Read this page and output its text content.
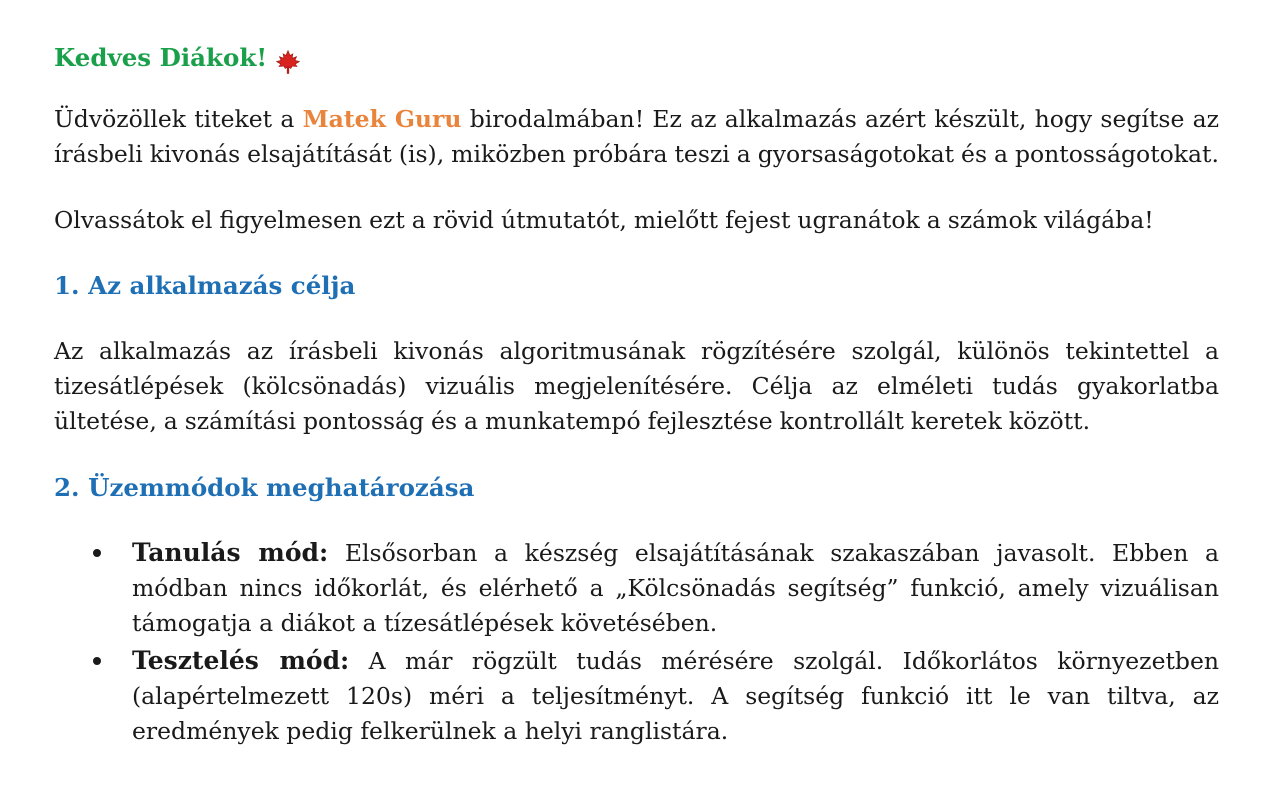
Kedves Diákok!

Üdvözöllek titeket a Matek Guru birodalmában! Ez az alkalmazás azért készült, hogy segítse az írásbeli kivonás elsajátítását (is), miközben próbára teszi a gyorsaságotokat és a pontosságotokat.

Olvassátok el figyelmesen ezt a rövid útmutatót, mielőtt fejest ugranátok a számok világába!

1. Az alkalmazás célja

Az alkalmazás az írásbeli kivonás algoritmusának rögzítésére szolgál, különös tekintettel a tizesátlépések (kölcsönadás) vizuális megjelenítésére. Célja az elméleti tudás gyakorlatba ültetése, a számítási pontosság és a munkatempó fejlesztése kontrollált keretek között.

2. Üzemmódok meghatározása
Tanulás mód: Elsősorban a készség elsajátításának szakaszában javasolt. Ebben a módban nincs időkorlát, és elérhető a „Kölcsönadás segítség” funkció, amely vizuálisan támogatja a diákot a tízesátlépések követésében.
Tesztelés mód: A már rögzült tudás mérésére szolgál. Időkorlátos környezetben (alapértelmezett 120s) méri a teljesítményt. A segítség funkció itt le van tiltva, az eredmények pedig felkerülnek a helyi ranglistára.
